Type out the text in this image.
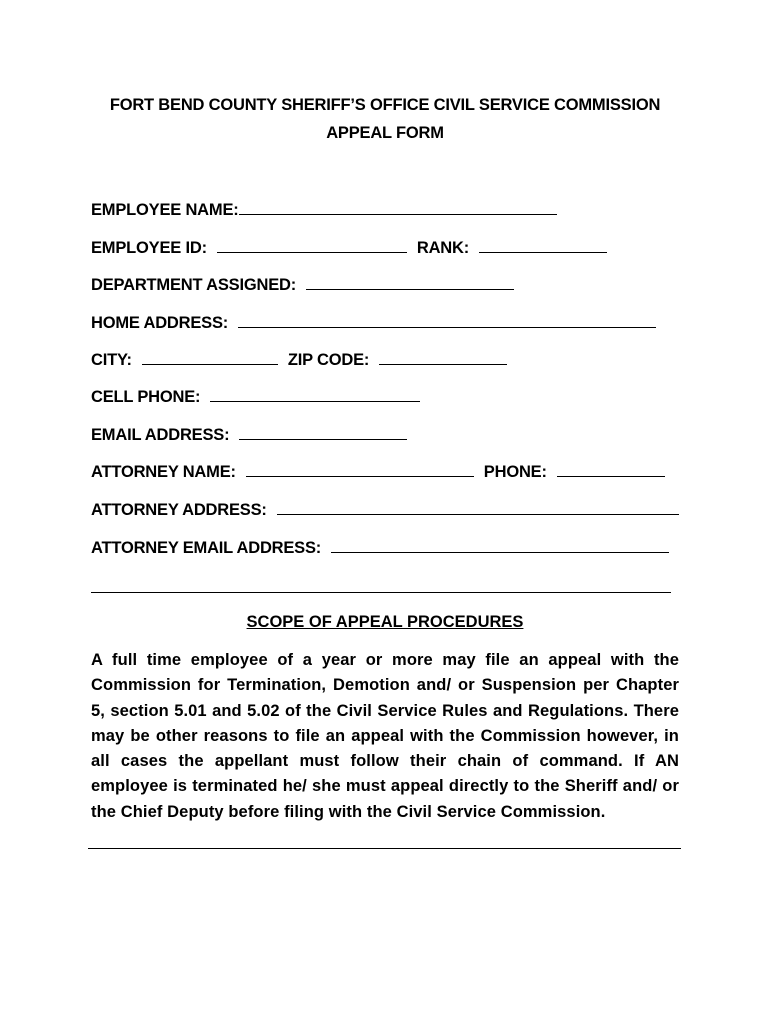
FORT BEND COUNTY SHERIFF’S OFFICE CIVIL SERVICE COMMISSION
APPEAL FORM
EMPLOYEE NAME:
EMPLOYEE ID:	RANK:
DEPARTMENT ASSIGNED:
HOME ADDRESS:
CITY:	ZIP CODE:
CELL PHONE:
EMAIL ADDRESS:
ATTORNEY NAME:	PHONE:
ATTORNEY ADDRESS:
ATTORNEY EMAIL ADDRESS:
SCOPE OF APPEAL PROCEDURES
A full time employee of a year or more may file an appeal with the Commission for Termination, Demotion and/ or Suspension per Chapter 5, section 5.01 and 5.02 of the Civil Service Rules and Regulations. There may be other reasons to file an appeal with the Commission however, in all cases the appellant must follow their chain of command. If AN employee is terminated he/ she must appeal directly to the Sheriff and/ or the Chief Deputy before filing with the Civil Service Commission.
